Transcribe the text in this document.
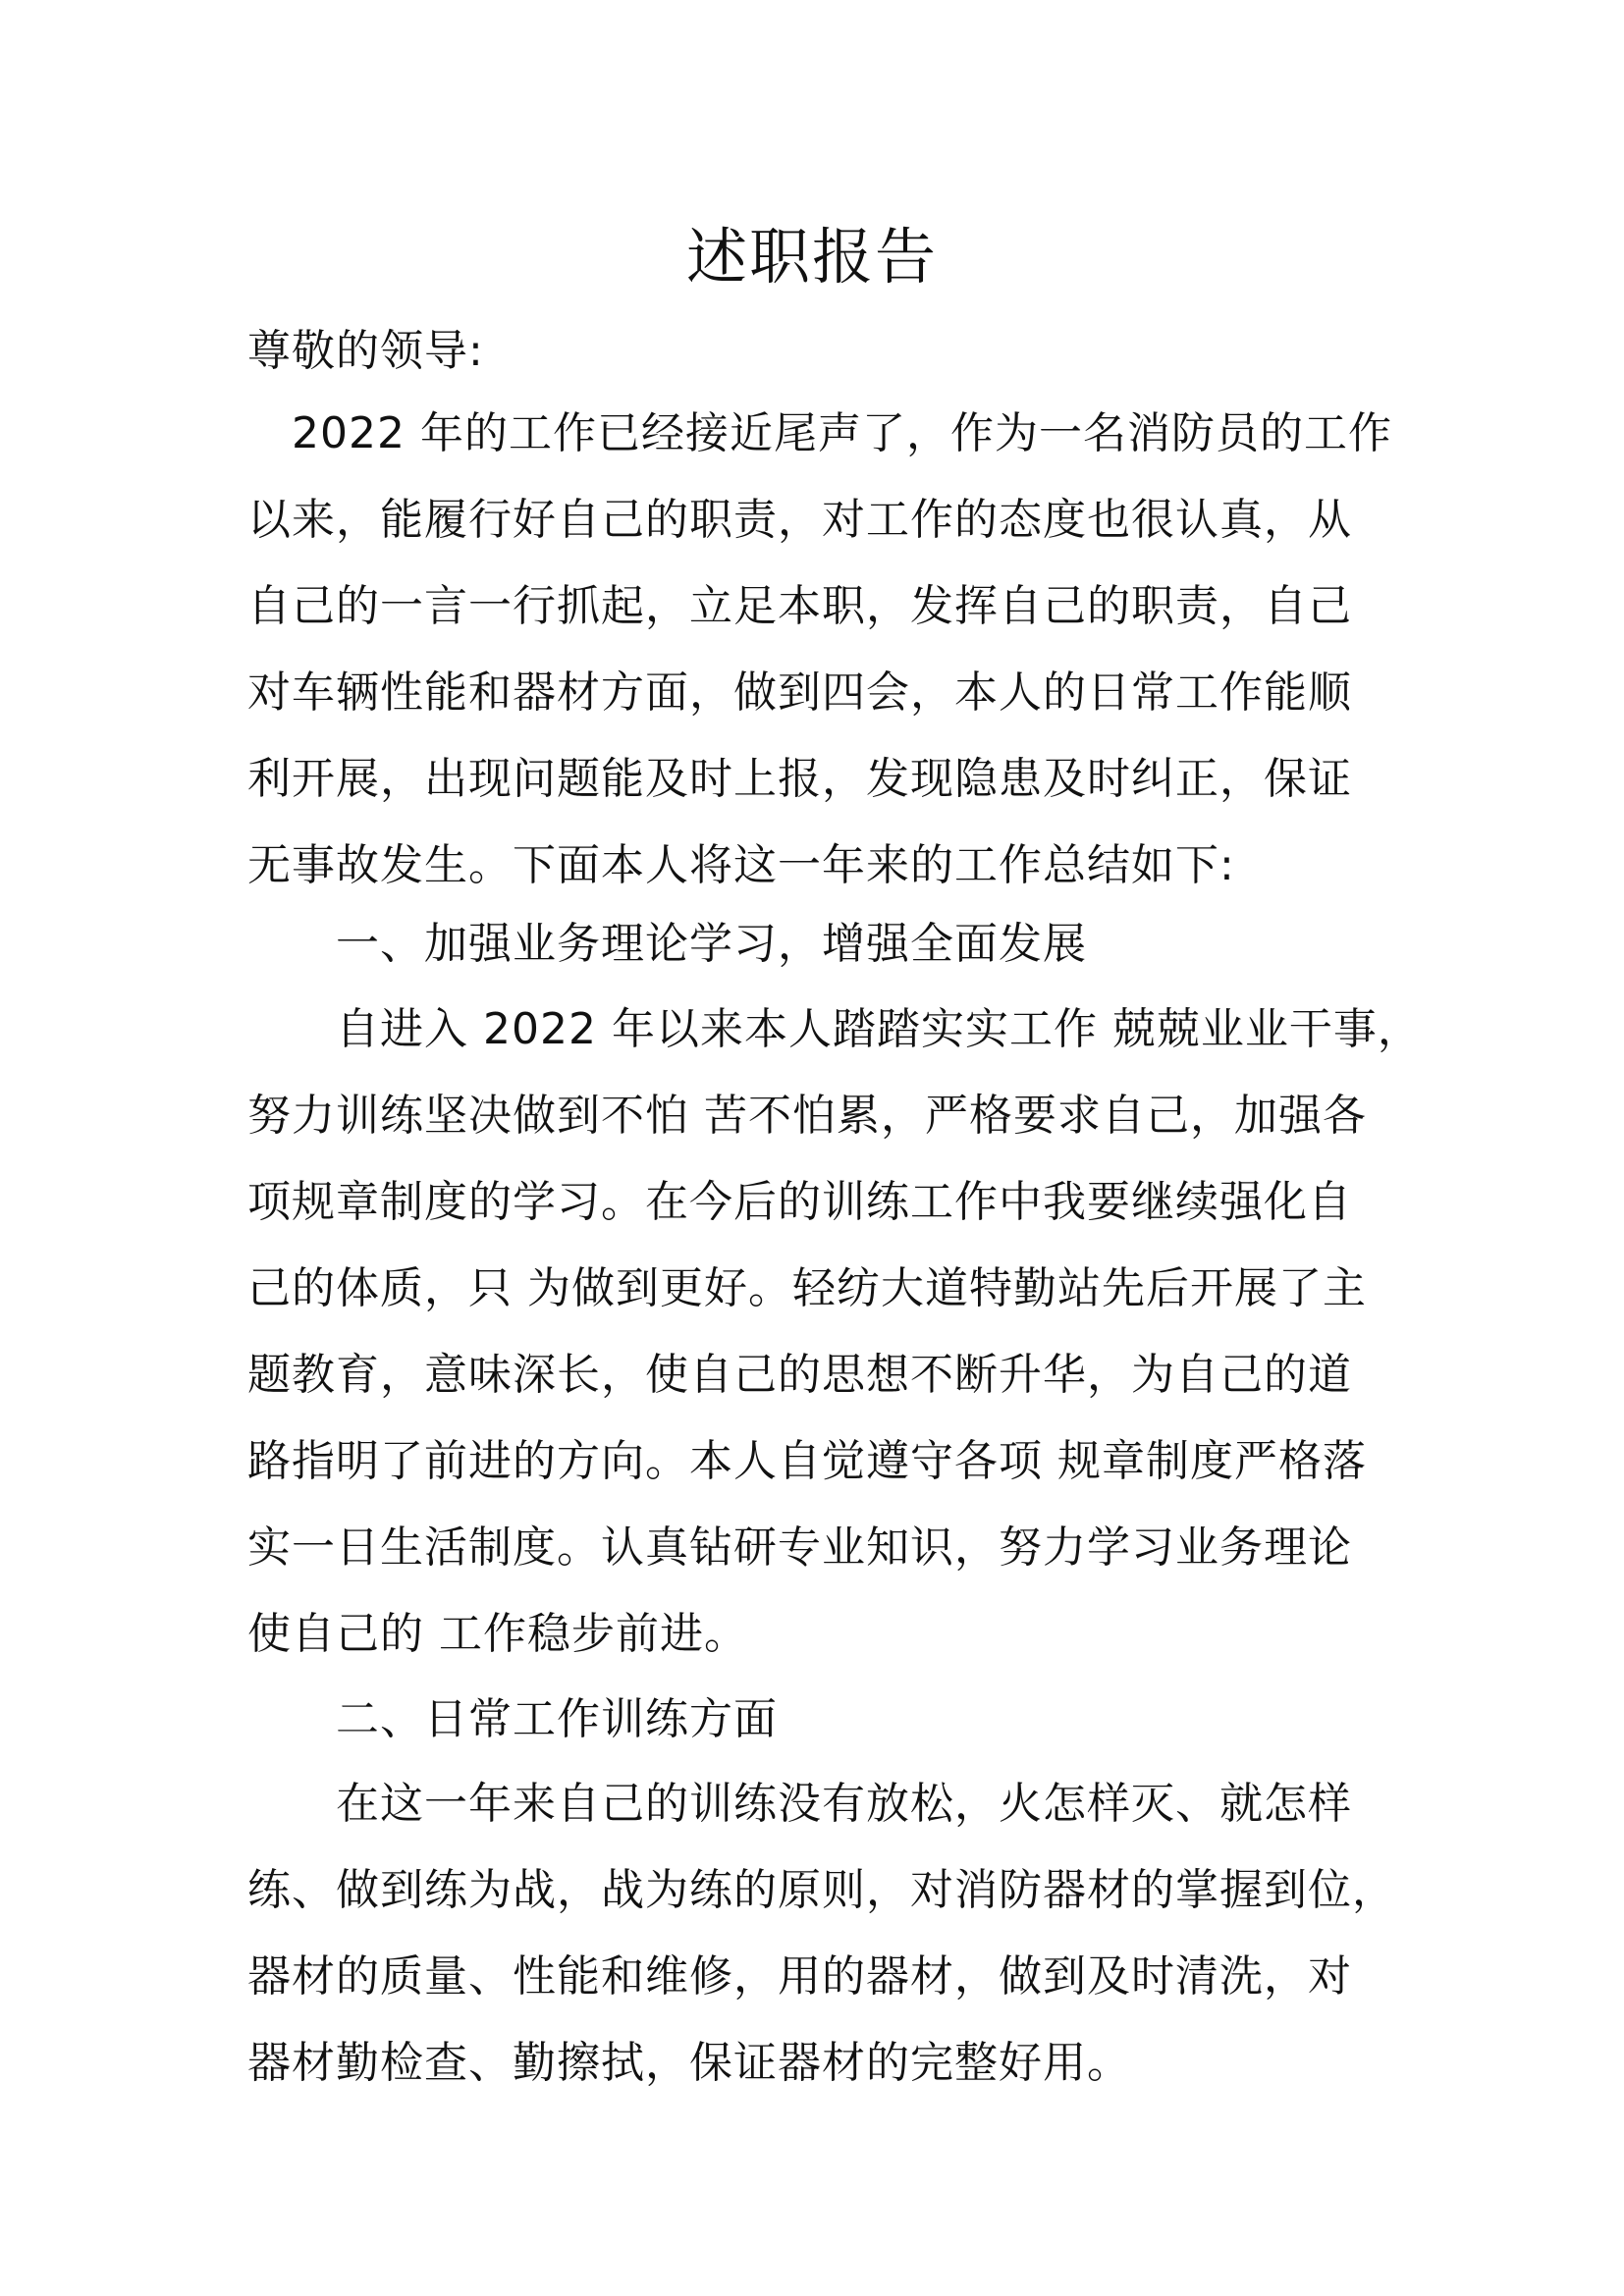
述职报告
尊敬的领导:
2022 年的工作已经接近尾声了，作为一名消防员的工作
以来，能履行好自己的职责，对工作的态度也很认真，从
自己的一言一行抓起，立足本职，发挥自己的职责，自己
对车辆性能和器材方面，做到四会，本人的日常工作能顺
利开展，出现问题能及时上报，发现隐患及时纠正，保证
无事故发生。下面本人将这一年来的工作总结如下:
一、加强业务理论学习，增强全面发展
自进入 2022 年以来本人踏踏实实工作 兢兢业业干事，
努力训练坚决做到不怕 苦不怕累，严格要求自己，加强各
项规章制度的学习。在今后的训练工作中我要继续强化自
己的体质，只 为做到更好。轻纺大道特勤站先后开展了主
题教育，意味深长，使自己的思想不断升华，为自己的道
路指明了前进的方向。本人自觉遵守各项 规章制度严格落
实一日生活制度。认真钻研专业知识，努力学习业务理论
使自己的 工作稳步前进。
二、日常工作训练方面
在这一年来自己的训练没有放松，火怎样灭、就怎样
练、做到练为战，战为练的原则，对消防器材的掌握到位，
器材的质量、性能和维修，用的器材，做到及时清洗，对
器材勤检查、勤擦拭，保证器材的完整好用。
